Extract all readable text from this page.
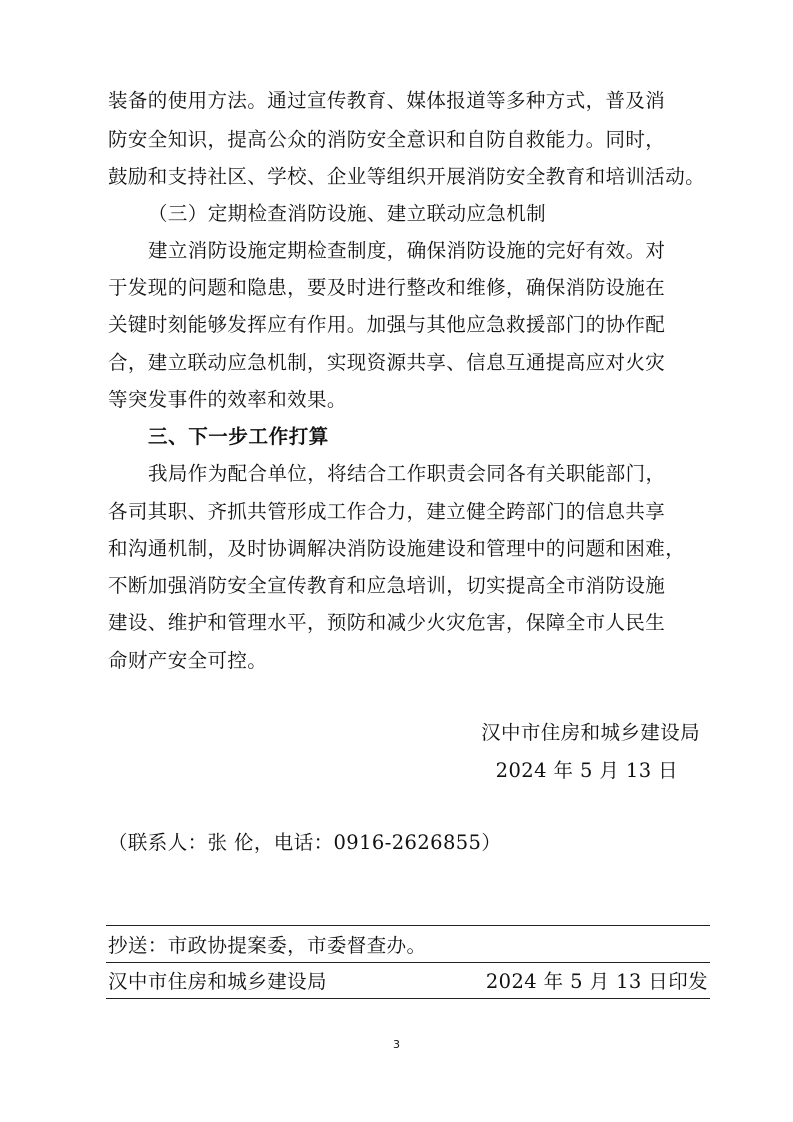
装备的使用方法。通过宣传教育、媒体报道等多种方式，普及消
防安全知识，提高公众的消防安全意识和自防自救能力。同时，
鼓励和支持社区、学校、企业等组织开展消防安全教育和培训活动。
（三）定期检查消防设施、建立联动应急机制
建立消防设施定期检查制度，确保消防设施的完好有效。对
于发现的问题和隐患，要及时进行整改和维修，确保消防设施在
关键时刻能够发挥应有作用。加强与其他应急救援部门的协作配
合，建立联动应急机制，实现资源共享、信息互通提高应对火灾
等突发事件的效率和效果。
三、下一步工作打算
我局作为配合单位，将结合工作职责会同各有关职能部门，
各司其职、齐抓共管形成工作合力，建立健全跨部门的信息共享
和沟通机制，及时协调解决消防设施建设和管理中的问题和困难，
不断加强消防安全宣传教育和应急培训，切实提高全市消防设施
建设、维护和管理水平，预防和减少火灾危害，保障全市人民生
命财产安全可控。
汉中市住房和城乡建设局
2024 年 5 月 13 日
（联系人：张 伦，电话：0916-2626855）
抄送：市政协提案委，市委督查办。
汉中市住房和城乡建设局	2024 年 5 月 13 日印发
3
